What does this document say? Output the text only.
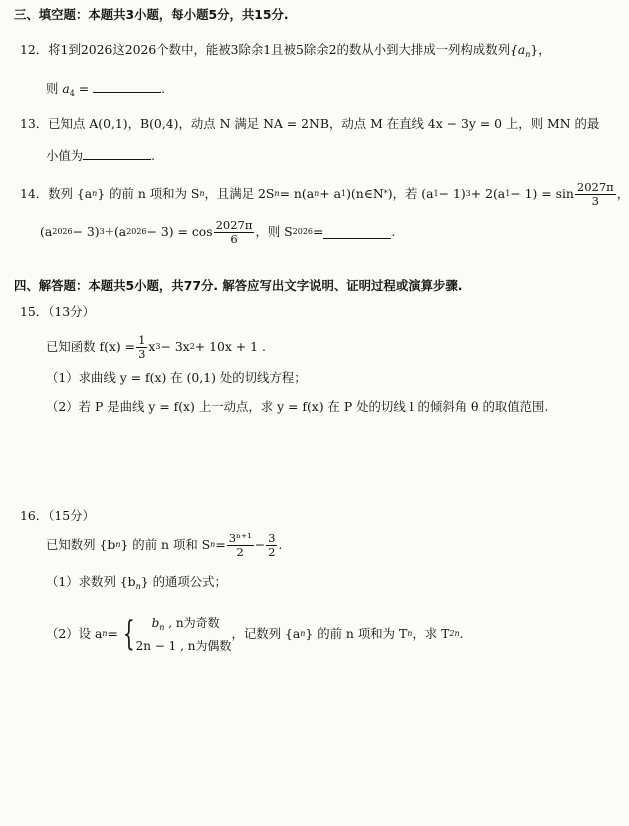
三、填空题：本题共3小题，每小题5分，共15分.
12．将1到2026这2026个数中，能被3除余1且被5除余2的数从小到大排成一列构成数列$\{a_n\}$，
则 $a_4$ =	.
13．已知点 A(0,1)，B(0,4)，动点 N 满足 NA = 2NB，动点 M 在直线 4x − 3y = 0 上，则 MN 的最
小值为	.
14． 数列 {a n } 的前 n 项和为 S n ，且满足 2S n = n(a n + a 1 )(n∈N * )，若 (a 1 − 1) 3 + 2(a $1 - 1) = \sin \frac{2027\pi}{3}$ ，
(a 2026 − 3) 3 + (a $2026 - 3) = \cos \frac{2027\pi}{6}$ ，则 S 2026 =	.
四、解答题：本题共5小题，共77分. 解答应写出文字说明、证明过程或演算步骤.
15．（13分）
已知函数 $f(x) = \frac{1}{3}$ x 3 − 3x 2 + 10x + 1 .
（1）求曲线 y = f(x) 在 (0,1) 处的切线方程；
（2）若 P 是曲线 y = f(x) 上一动点，求 y = f(x) 在 P 处的切线 l 的倾斜角 θ 的取值范围.
16．（15分）
已知数列 {b n } 的前 n 项和 S $n = \frac{\text{3ⁿ⁺¹}}{2} - \frac{3}{2}$ .
（1）求数列 $\{b_n\}$ 的通项公式；
（2）设 a n = {	$b_n$ , n为奇数
2n − 1 , n为偶数
，记数列 {a n } 的前 n 项和为 T n ，求 T 2n .
